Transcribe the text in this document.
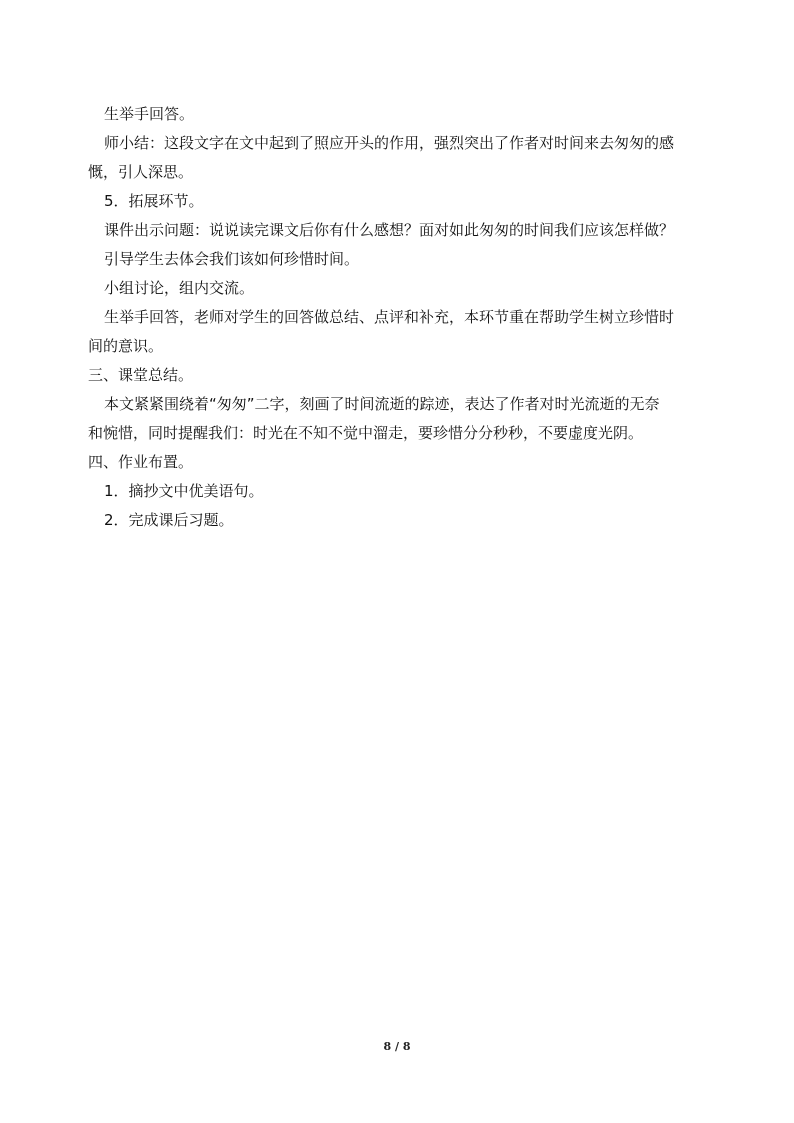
生举手回答。

师小结：这段文字在文中起到了照应开头的作用，强烈突出了作者对时间来去匆匆的感

慨，引人深思。

5．拓展环节。

课件出示问题：说说读完课文后你有什么感想？面对如此匆匆的时间我们应该怎样做？

引导学生去体会我们该如何珍惜时间。

小组讨论，组内交流。

生举手回答，老师对学生的回答做总结、点评和补充，本环节重在帮助学生树立珍惜时

间的意识。

三、课堂总结。

本文紧紧围绕着“匆匆”二字，刻画了时间流逝的踪迹，表达了作者对时光流逝的无奈

和惋惜，同时提醒我们：时光在不知不觉中溜走，要珍惜分分秒秒，不要虚度光阴。

四、作业布置。

1．摘抄文中优美语句。

2．完成课后习题。

8 / 8
